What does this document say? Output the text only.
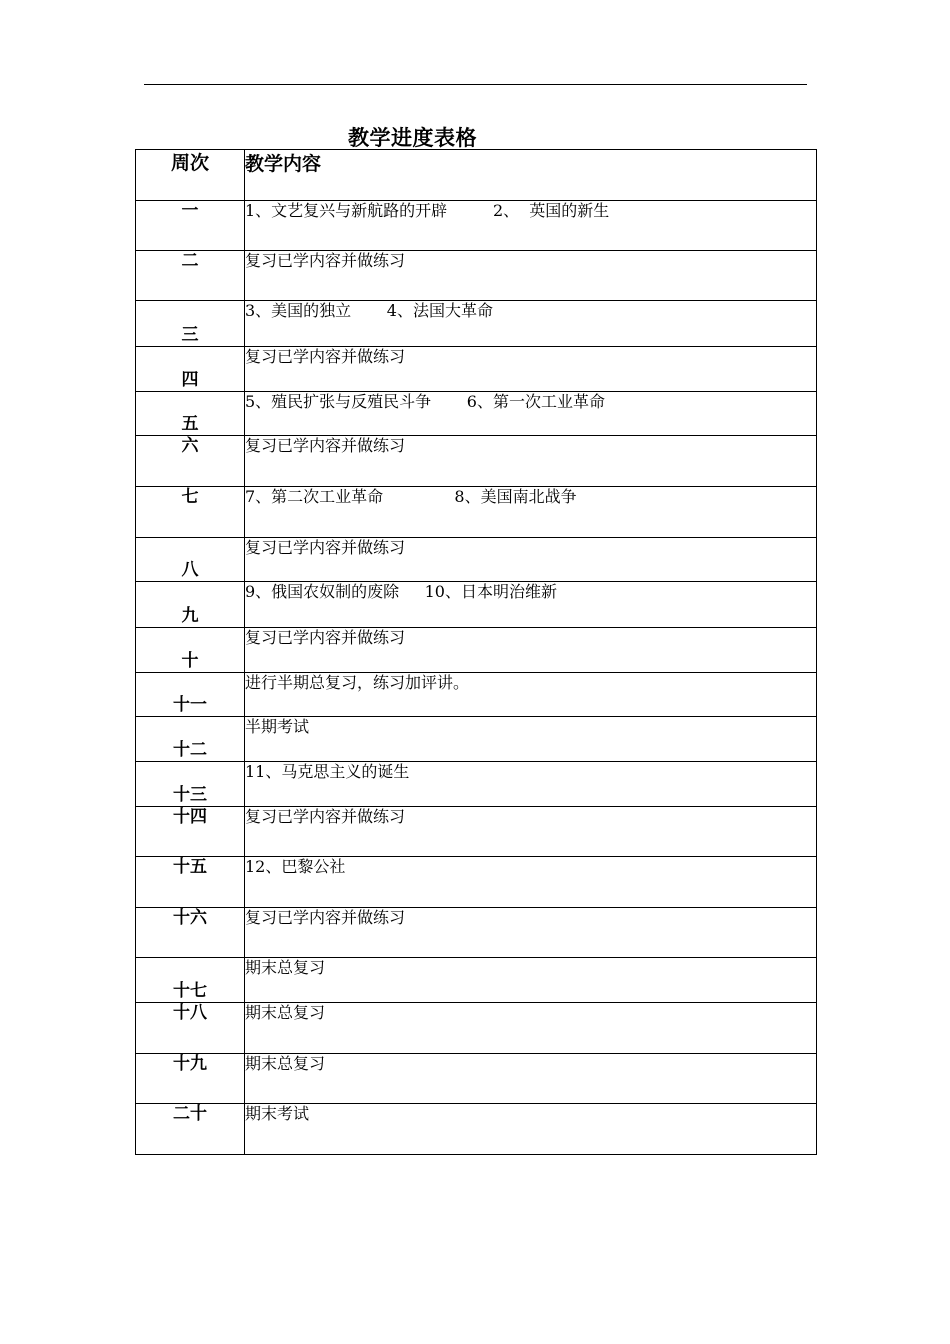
教学进度表格
周次	教学内容
一	1、文艺复兴与新航路的开辟         2、  英国的新生
二	复习已学内容并做练习
三	3、美国的独立       4、法国大革命
四	复习已学内容并做练习
五	5、殖民扩张与反殖民斗争       6、第一次工业革命
六	复习已学内容并做练习
七	7、第二次工业革命              8、美国南北战争
八	复习已学内容并做练习
九	9、俄国农奴制的废除     10、日本明治维新
十	复习已学内容并做练习
十一	进行半期总复习，练习加评讲。
十二	半期考试
十三	11、马克思主义的诞生
十四	复习已学内容并做练习
十五	12、巴黎公社
十六	复习已学内容并做练习
十七	期末总复习
十八	期末总复习
十九	期末总复习
二十	期末考试
